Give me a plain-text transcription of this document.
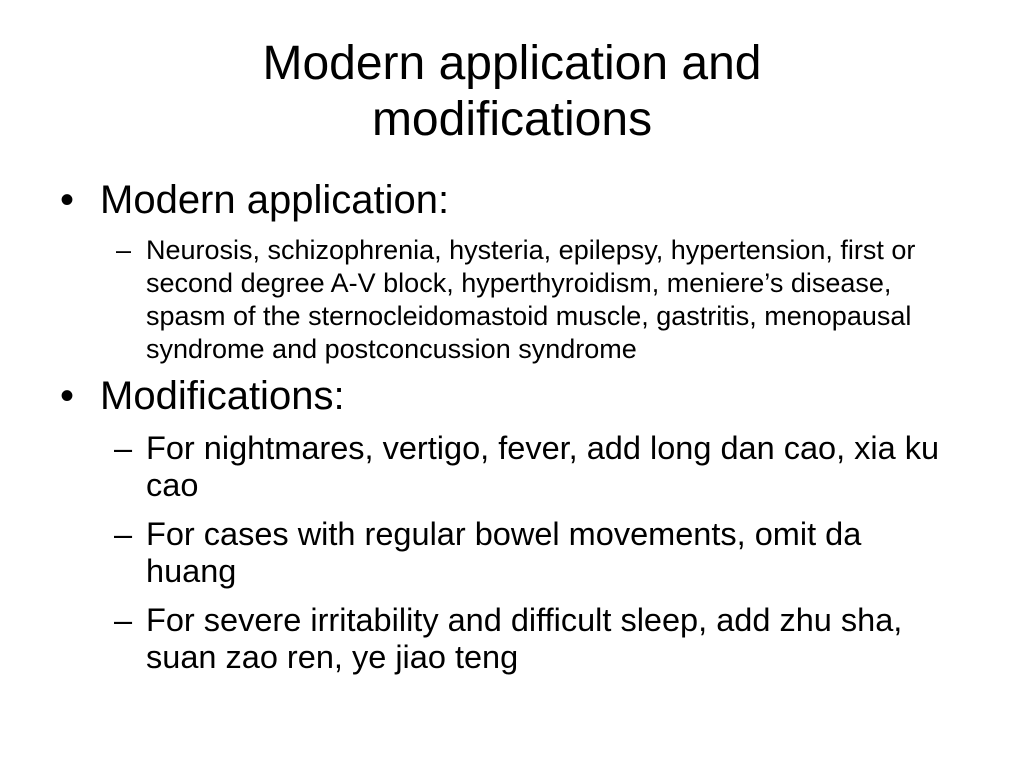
Modern application and
modifications
• Modern application:
– Neurosis, schizophrenia, hysteria, epilepsy, hypertension, first or second degree A-V block, hyperthyroidism, meniere’s disease, spasm of the sternocleidomastoid muscle, gastritis, menopausal syndrome and postconcussion syndrome
• Modifications:
– For nightmares, vertigo, fever, add long dan cao, xia ku cao
– For cases with regular bowel movements, omit da huang
– For severe irritability and difficult sleep, add zhu sha, suan zao ren, ye jiao teng
